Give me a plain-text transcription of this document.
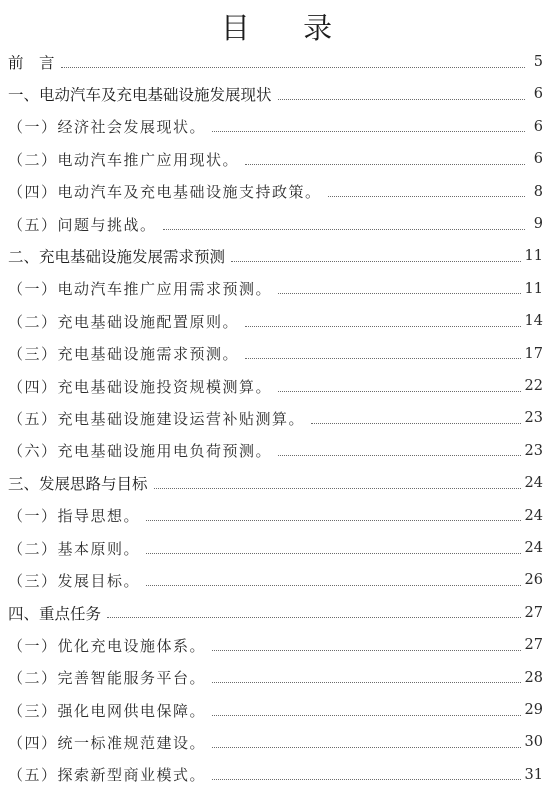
目 录
前　言	5
一、电动汽车及充电基础设施发展现状	6
（一）经济社会发展现状。	6
（二）电动汽车推广应用现状。	6
（四）电动汽车及充电基础设施支持政策。	8
（五）问题与挑战。	9
二、充电基础设施发展需求预测	11
（一）电动汽车推广应用需求预测。	11
（二）充电基础设施配置原则。	14
（三）充电基础设施需求预测。	17
（四）充电基础设施投资规模测算。	22
（五）充电基础设施建设运营补贴测算。	23
（六）充电基础设施用电负荷预测。	23
三、发展思路与目标	24
（一）指导思想。	24
（二）基本原则。	24
（三）发展目标。	26
四、重点任务	27
（一）优化充电设施体系。	27
（二）完善智能服务平台。	28
（三）强化电网供电保障。	29
（四）统一标准规范建设。	30
（五）探索新型商业模式。	31
